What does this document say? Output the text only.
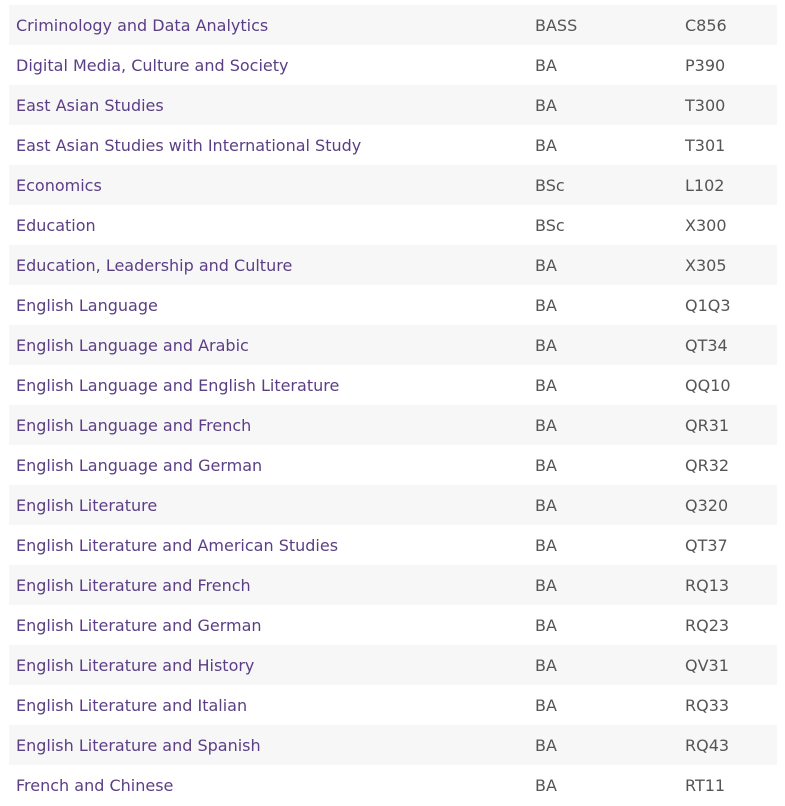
Criminology and Data Analytics	BASS	C856
Digital Media, Culture and Society	BA	P390
East Asian Studies	BA	T300
East Asian Studies with International Study	BA	T301
Economics	BSc	L102
Education	BSc	X300
Education, Leadership and Culture	BA	X305
English Language	BA	Q1Q3
English Language and Arabic	BA	QT34
English Language and English Literature	BA	QQ10
English Language and French	BA	QR31
English Language and German	BA	QR32
English Literature	BA	Q320
English Literature and American Studies	BA	QT37
English Literature and French	BA	RQ13
English Literature and German	BA	RQ23
English Literature and History	BA	QV31
English Literature and Italian	BA	RQ33
English Literature and Spanish	BA	RQ43
French and Chinese	BA	RT11
